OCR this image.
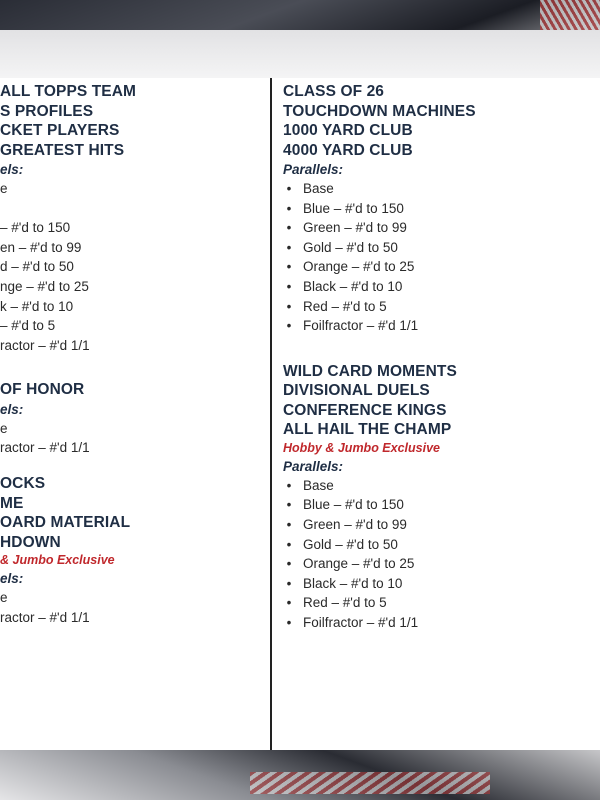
ALL TOPPS TEAM
S PROFILES
CKET PLAYERS
GREATEST HITS
els:
e

– #'d to 150
en – #'d to 99
d – #'d to 50
nge – #'d to 25
k – #'d to 10
– #'d to 5
ractor – #'d 1/1
OF HONOR
els:
e
ractor – #'d 1/1
OCKS
ME
OARD MATERIAL
HDOWN
& Jumbo Exclusive
els:
e
ractor – #'d 1/1
CLASS OF 26
TOUCHDOWN MACHINES
1000 YARD CLUB
4000 YARD CLUB
Parallels:
• Base
• Blue – #'d to 150
• Green – #'d to 99
• Gold – #'d to 50
• Orange – #'d to 25
• Black – #'d to 10
• Red – #'d to 5
• Foilfractor – #'d 1/1
WILD CARD MOMENTS
DIVISIONAL DUELS
CONFERENCE KINGS
ALL HAIL THE CHAMP
Hobby & Jumbo Exclusive
Parallels:
• Base
• Blue – #'d to 150
• Green – #'d to 99
• Gold – #'d to 50
• Orange – #'d to 25
• Black – #'d to 10
• Red – #'d to 5
• Foilfractor – #'d 1/1
